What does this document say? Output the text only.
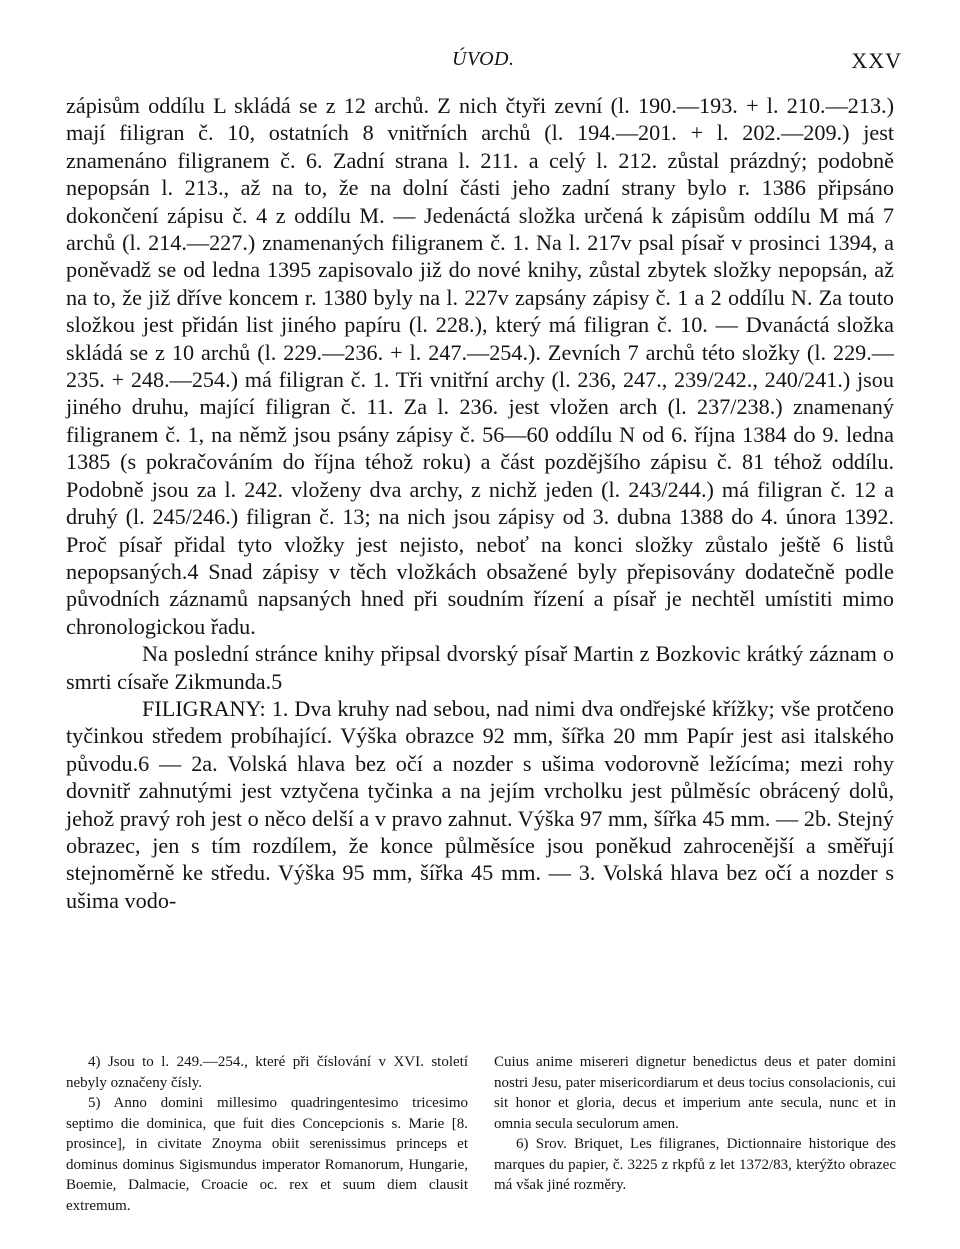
ÚVOD.	XXV

zápisům oddílu L skládá se z 12 archů. Z nich čtyři zevní (l. 190.—193. + l. 210.—213.) mají filigran č. 10, ostatních 8 vnitřních archů (l. 194.—201. + l. 202.—209.) jest znamenáno filigranem č. 6. Zadní strana l. 211. a celý l. 212. zůstal prázdný; podobně nepopsán l. 213., až na to, že na dolní části jeho zadní strany bylo r. 1386 připsáno dokončení zápisu č. 4 z oddílu M. — Jedenáctá složka určená k zápisům oddílu M má 7 archů (l. 214.—227.) znamenaných filigranem č. 1. Na l. 217v psal písař v prosinci 1394, a poněvadž se od ledna 1395 zapisovalo již do nové knihy, zůstal zbytek složky nepopsán, až na to, že již dříve koncem r. 1380 byly na l. 227v zapsány zápisy č. 1 a 2 oddílu N. Za touto složkou jest přidán list jiného papíru (l. 228.), který má filigran č. 10. — Dvanáctá složka skládá se z 10 archů (l. 229.—236. + l. 247.—254.). Zevních 7 archů této složky (l. 229.—235. + 248.—254.) má filigran č. 1. Tři vnitřní archy (l. 236, 247., 239/242., 240/241.) jsou jiného druhu, mající filigran č. 11. Za l. 236. jest vložen arch (l. 237/238.) znamenaný filigranem č. 1, na němž jsou psány zápisy č. 56—60 oddílu N od 6. října 1384 do 9. ledna 1385 (s pokračováním do října téhož roku) a část pozdějšího zápisu č. 81 téhož oddílu. Podobně jsou za l. 242. vloženy dva archy, z nichž jeden (l. 243/244.) má filigran č. 12 a druhý (l. 245/246.) filigran č. 13; na nich jsou zápisy od 3. dubna 1388 do 4. února 1392. Proč písař přidal tyto vložky jest nejisto, neboť na konci složky zůstalo ještě 6 listů nepopsaných.4 Snad zápisy v těch vložkách obsažené byly přepisovány dodatečně podle původních záznamů napsaných hned při soudním řízení a písař je nechtěl umístiti mimo chronologickou řadu.

Na poslední stránce knihy připsal dvorský písař Martin z Bozkovic krátký záznam o smrti císaře Zikmunda.5

FILIGRANY: 1. Dva kruhy nad sebou, nad nimi dva ondřejské křížky; vše protčeno tyčinkou středem probíhající. Výška obrazce 92 mm, šířka 20 mm Papír jest asi italského původu.6 — 2a. Volská hlava bez očí a nozder s ušima vodorovně ležícíma; mezi rohy dovnitř zahnutými jest vztyčena tyčinka a na jejím vrcholku jest půlměsíc obrácený dolů, jehož pravý roh jest o něco delší a v pravo zahnut. Výška 97 mm, šířka 45 mm. — 2b. Stejný obrazec, jen s tím rozdílem, že konce půlměsíce jsou poněkud zahrocenější a směřují stejnoměrně ke středu. Výška 95 mm, šířka 45 mm. — 3. Volská hlava bez očí a nozder s ušima vodo-

4) Jsou to l. 249.—254., které při číslování v XVI. století nebyly označeny čísly.

5) Anno domini millesimo quadringentesimo tricesimo septimo die dominica, que fuit dies Concepcionis s. Marie [8. prosince], in civitate Znoyma obiit serenissimus princeps et dominus dominus Sigismundus imperator Romanorum, Hungarie, Boemie, Dalmacie, Croacie oc. rex et suum diem clausit extremum.

Cuius anime misereri dignetur benedictus deus et pater domini nostri Jesu, pater misericordiarum et deus tocius consolacionis, cui sit honor et gloria, decus et imperium ante secula, nunc et in omnia secula seculorum amen.

6) Srov. Briquet, Les filigranes, Dictionnaire historique des marques du papier, č. 3225 z rkpfů z let 1372/83, kterýžto obrazec má však jiné rozměry.
